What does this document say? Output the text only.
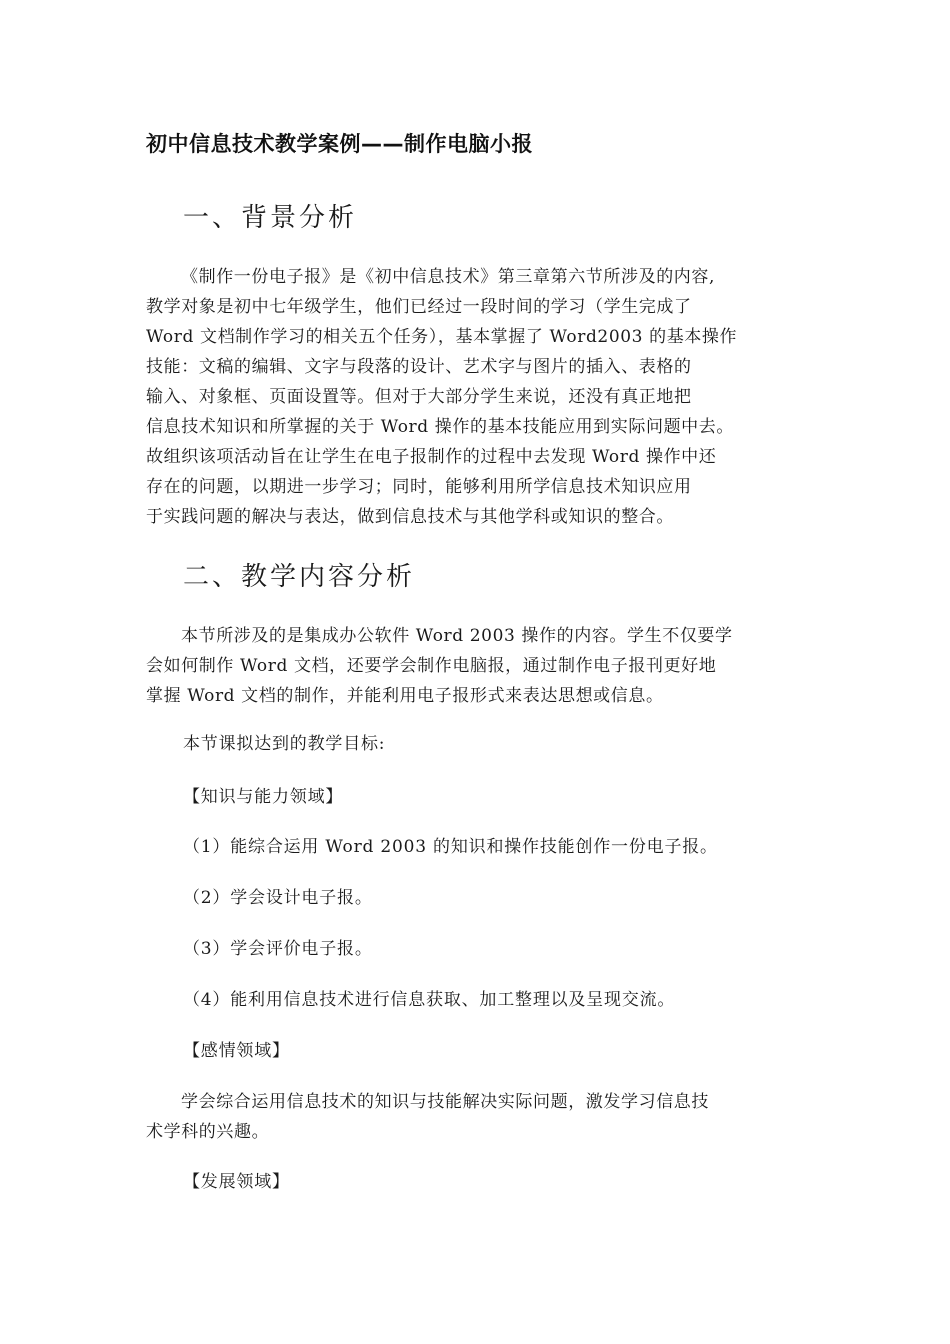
初中信息技术教学案例——制作电脑小报
一、背景分析
《制作一份电子报》是《初中信息技术》第三章第六节所涉及的内容,
教学对象是初中七年级学生，他们已经过一段时间的学习（学生完成了
Word 文档制作学习的相关五个任务），基本掌握了 Word2003 的基本操作
技能：文稿的编辑、文字与段落的设计、艺术字与图片的插入、表格的
输入、对象框、页面设置等。但对于大部分学生来说，还没有真正地把
信息技术知识和所掌握的关于 Word 操作的基本技能应用到实际问题中去。
故组织该项活动旨在让学生在电子报制作的过程中去发现 Word 操作中还
存在的问题，以期进一步学习；同时，能够利用所学信息技术知识应用
于实践问题的解决与表达，做到信息技术与其他学科或知识的整合。
二、教学内容分析
本节所涉及的是集成办公软件 Word 2003 操作的内容。学生不仅要学
会如何制作 Word 文档，还要学会制作电脑报，通过制作电子报刊更好地
掌握 Word 文档的制作，并能利用电子报形式来表达思想或信息。
本节课拟达到的教学目标:
【知识与能力领域】
（1）能综合运用 Word 2003 的知识和操作技能创作一份电子报。
（2）学会设计电子报。
（3）学会评价电子报。
（4）能利用信息技术进行信息获取、加工整理以及呈现交流。
【感情领域】
学会综合运用信息技术的知识与技能解决实际问题，激发学习信息技
术学科的兴趣。
【发展领域】
